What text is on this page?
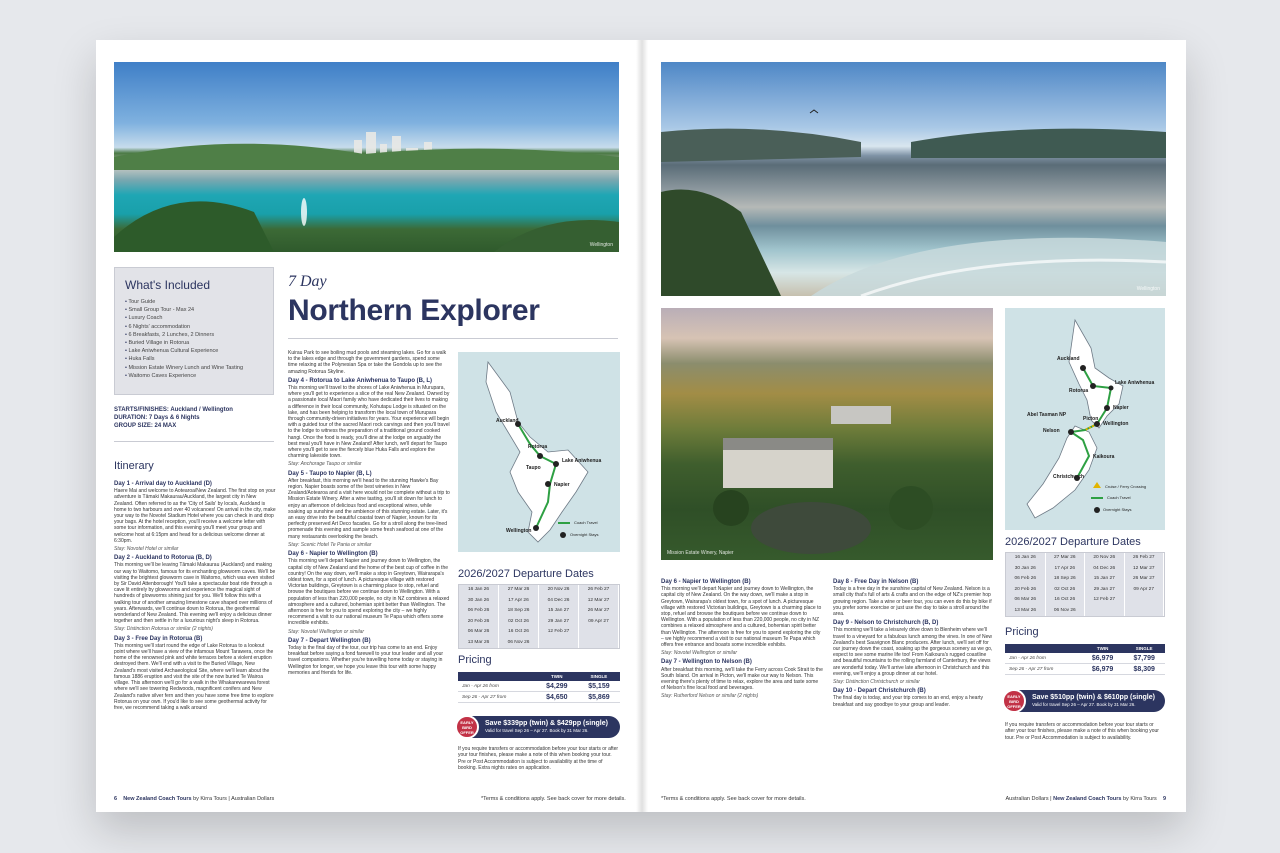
Wellington
What's Included
• Tour Guide
• Small Group Tour - Max 24
• Luxury Coach
• 6 Nights' accommodation
• 6 Breakfasts, 2 Lunches, 2 Dinners
• Buried Village in Rotorua
• Lake Aniwhenua Cultural Experience
• Huka Falls
• Mission Estate Winery Lunch and Wine Tasting
• Waitomo Caves Experience
STARTS/FINISHES: Auckland / Wellington
DURATION: 7 Days & 6 Nights
GROUP SIZE: 24 MAX
Itinerary
Day 1 - Arrival day to Auckland (D)

Haere Mai and welcome to Aotearoa/New Zealand. The first stop on your adventure is Tāmaki Makaurau/Auckland, the largest city in New Zealand. Often referred to as the 'City of Sails' by locals, Auckland is home to two harbours and over 40 volcanoes! On arrival in the city, make your way to the Novotel Stadium Hotel where you can check in and drop your bags. At the hotel reception, you'll receive a welcome letter with some tour information, and this evening you'll meet your group and welcome host at 6:15pm and head for a delicious welcome dinner at 6:30pm.

Stay: Novotel Hotel or similar
Day 2 - Auckland to Rotorua (B, D)

This morning we'll be leaving Tāmaki Makaurau (Auckland) and making our way to Waitomo, famous for its enchanting glowworm caves. We'll be visiting the brightest glowworm cave in Waitomo, which was even visited by Sir David Attenborough! You'll take a spectacular boat ride through a cave lit entirely by glowworms and experience the magical sight of hundreds of glowworms shining just for you. We'll follow this with a walking tour of another amazing limestone cave shaped over millions of years. Afterwards, we'll continue down to Rotorua, the geothermal wonderland of New Zealand. This evening we'll enjoy a delicious dinner together and then settle in for a luxurious night's sleep in Rotorua.

Stay: Distinction Rotorua or similar (2 nights)
Day 3 - Free Day in Rotorua (B)

This morning we'll start round the edge of Lake Rotorua to a lookout point where we'll have a view of the infamous Mount Tarawera, once the home of the renowned pink and white terraces before a violent eruption destroyed them. We'll end with a visit to the Buried Village, New Zealand's most visited Archaeological Site, where we'll learn about the famous 1886 eruption and visit the site of the now buried Te Wairoa village. This afternoon we'll go for a walk in the Whakarewarewa forest where we'll see towering Redwoods, magnificent conifers and New Zealand's native silver fern and then you have some free time to explore Rotorua on your own. If you'd like to see some geothermal activity for free, we recommend taking a walk around

7 Day
Northern Explorer

Kuirau Park to see boiling mud pools and steaming lakes. Go for a walk to the lakes edge and through the government gardens, spend some time relaxing at the Polynesian Spa or take the Gondola up to see the amazing Rotorua Skyline.

Day 4 - Rotorua to Lake Aniwhenua to Taupo (B, L)

This morning we'll travel to the shores of Lake Aniwhenua in Murupara, where you'll get to experience a slice of the real New Zealand. Owned by a passionate local Maori family who have dedicated their lives to making a difference in their local community, Kohutapu Lodge is situated on the lake, and has been helping to transform the local town of Murupara through community-driven initiatives for years. Your experience will begin with a guided tour of the sacred Maori rock carvings and then you'll travel to the lodge to witness the preparation of a traditional ground cooked hangi. Once the food is ready, you'll dine at the lodge on arguably the best meal you'll have in New Zealand! After lunch, we'll depart for Taupo where you'll get to see the fiercely blue Huka Falls and explore the charming lakeside town.

Stay: Anchorage Taupo or similar
Day 5 - Taupo to Napier (B, L)

After breakfast, this morning we'll head to the stunning Hawke's Bay region. Napier boasts some of the best wineries in New Zealand/Aotearoa and a visit here would not be complete without a trip to Mission Estate Winery. After a wine tasting, you'll sit down for lunch to enjoy an afternoon of delicious food and exceptional wines, while soaking up sunshine and the ambience of this stunning estate. Later, it's an easy drive into the beautiful coastal town of Napier, known for its perfectly preserved Art Deco facades. Go for a stroll along the tree-lined promenade this evening and sample some fresh seafood at one of the many restaurants overlooking the beach.

Stay: Scenic Hotel Te Pania or similar
Day 6 - Napier to Wellington (B)

This morning we'll depart Napier and journey down to Wellington, the capital city of New Zealand and the home of the best cup of coffee in the country! On the way down, we'll make a stop in Greytown, Wairarapa's oldest town, for a spot of lunch. A picturesque village with restored Victorian buildings, Greytown is a charming place to stop, refuel and browse the boutiques before we continue down to Wellington. With a population of less than 220,000 people, no city in NZ combines a relaxed atmosphere and a cultured, bohemian spirit better than Wellington. The afternoon is free for you to spend exploring the city – we highly recommend a visit to our national museum Te Papa which offers some incredible exhibits.

Stay: Novotel Wellington or similar
Day 7 - Depart Wellington (B)

Today is the final day of the tour, our trip has come to an end. Enjoy breakfast before saying a fond farewell to your tour leader and all your travel companions. Whether you're travelling home today or staying in Wellington for longer, we hope you leave this tour with some happy memories and friends for life.

Auckland
Rotorua
Lake Aniwhenua
Taupo
Napier
Wellington
Coach Travel
Overnight Stays
2026/2027 Departure Dates
16 Jan 26	27 Mar 26	20 Nov 26	26 Feb 27
30 Jan 26	17 Apr 26	04 Dec 26	12 Mar 27
06 Feb 26	18 Sep 26	15 Jan 27	26 Mar 27
20 Feb 26	02 Oct 26	29 Jan 27	09 Apr 27
06 Mar 26	16 Oct 26	12 Feb 27
13 Mar 26	06 Nov 26
Pricing
TWIN	SINGLE
Jan - Apr 26 from	$4,299	$5,159
Sep 26 - Apr 27 from	$4,650	$5,869
EARLY BIRD OFFER
Save $339pp (twin) & $429pp (single)
Valid for travel Sep 26 – Apr 27. Book by 31 Mar 26.
If you require transfers or accommodation before your tour starts or after your tour finishes, please make a note of this when booking your tour. Pre or Post Accommodation is subject to availability at the time of booking. Extra nights rates on application.
6 New Zealand Coach Tours by Kirra Tours | Australian Dollars	*Terms & conditions apply. See back cover for more details.
Wellington
Mission Estate Winery, Napier
Auckland
Rotorua
Lake Aniwhenua
Napier
Abel Tasman NP
Picton
Nelson
Wellington
Kaikoura
Christchurch
Cruise / Ferry Crossing
Coach Travel
Overnight Stays
2026/2027 Departure Dates
16 Jan 26	27 Mar 26	20 Nov 26	26 Feb 27
30 Jan 26	17 Apr 26	04 Dec 26	12 Mar 27
06 Feb 26	18 Sep 26	15 Jan 27	26 Mar 27
20 Feb 26	02 Oct 26	29 Jan 27	09 Apr 27
06 Mar 26	16 Oct 26	12 Feb 27
13 Mar 26	06 Nov 26
Pricing
TWIN	SINGLE
Jan - Apr 26 from	$6,979	$7,799
Sep 26 - Apr 27 from	$6,979	$8,309
EARLY BIRD OFFER
Save $510pp (twin) & $610pp (single)
Valid for travel Sep 26 – Apr 27. Book by 31 Mar 26.
If you require transfers or accommodation before your tour starts or after your tour finishes, please make a note of this when booking your tour. Pre or Post Accommodation is subject to availability.
Day 6 - Napier to Wellington (B)

This morning we'll depart Napier and journey down to Wellington, the capital city of New Zealand. On the way down, we'll make a stop in Greytown, Wairarapa's oldest town, for a spot of lunch. A picturesque village with restored Victorian buildings, Greytown is a charming place to stop, refuel and browse the boutiques before we continue down to Wellington. With a population of less than 220,000 people, no city in NZ combines a relaxed atmosphere and a cultured, bohemian spirit better than Wellington. The afternoon is free for you to spend exploring the city – we highly recommend a visit to our national museum Te Papa which offers free entrance and boasts some incredible exhibits.

Stay: Novotel Wellington or similar
Day 7 - Wellington to Nelson (B)

After breakfast this morning, we'll take the Ferry across Cook Strait to the South Island. On arrival in Picton, we'll make our way to Nelson. This evening there's plenty of time to relax, explore the area and taste some of Nelson's fine local food and beverages.

Stay: Rutherford Nelson or similar (2 nights)
Day 8 - Free Day in Nelson (B)

Today is a free day in the sunshine capital of New Zealand. Nelson is a small city that's full of arts & crafts and on the edge of NZ's premier hop growing region. Take a wine or beer tour, you can even do this by bike if you prefer some exercise or just use the day to take a stroll around the area.

Day 9 - Nelson to Christchurch (B, D)

This morning we'll take a leisurely drive down to Blenheim where we'll travel to a vineyard for a fabulous lunch among the vines. In one of New Zealand's best Sauvignon Blanc producers. After lunch, we'll set off for our journey down the coast, soaking up the gorgeous scenery as we go, expect to see some marine life too! From Kaikoura's rugged coastline and beautiful mountains to the rolling farmland of Canterbury, the views are wonderful today. We'll arrive late afternoon in Christchurch and this evening, we'll enjoy a group dinner at our hotel.

Stay: Distinction Christchurch or similar
Day 10 - Depart Christchurch (B)

The final day is today, and your trip comes to an end, enjoy a hearty breakfast and say goodbye to your group and leader.

*Terms & conditions apply. See back cover for more details.	Australian Dollars | New Zealand Coach Tours by Kirra Tours 9
